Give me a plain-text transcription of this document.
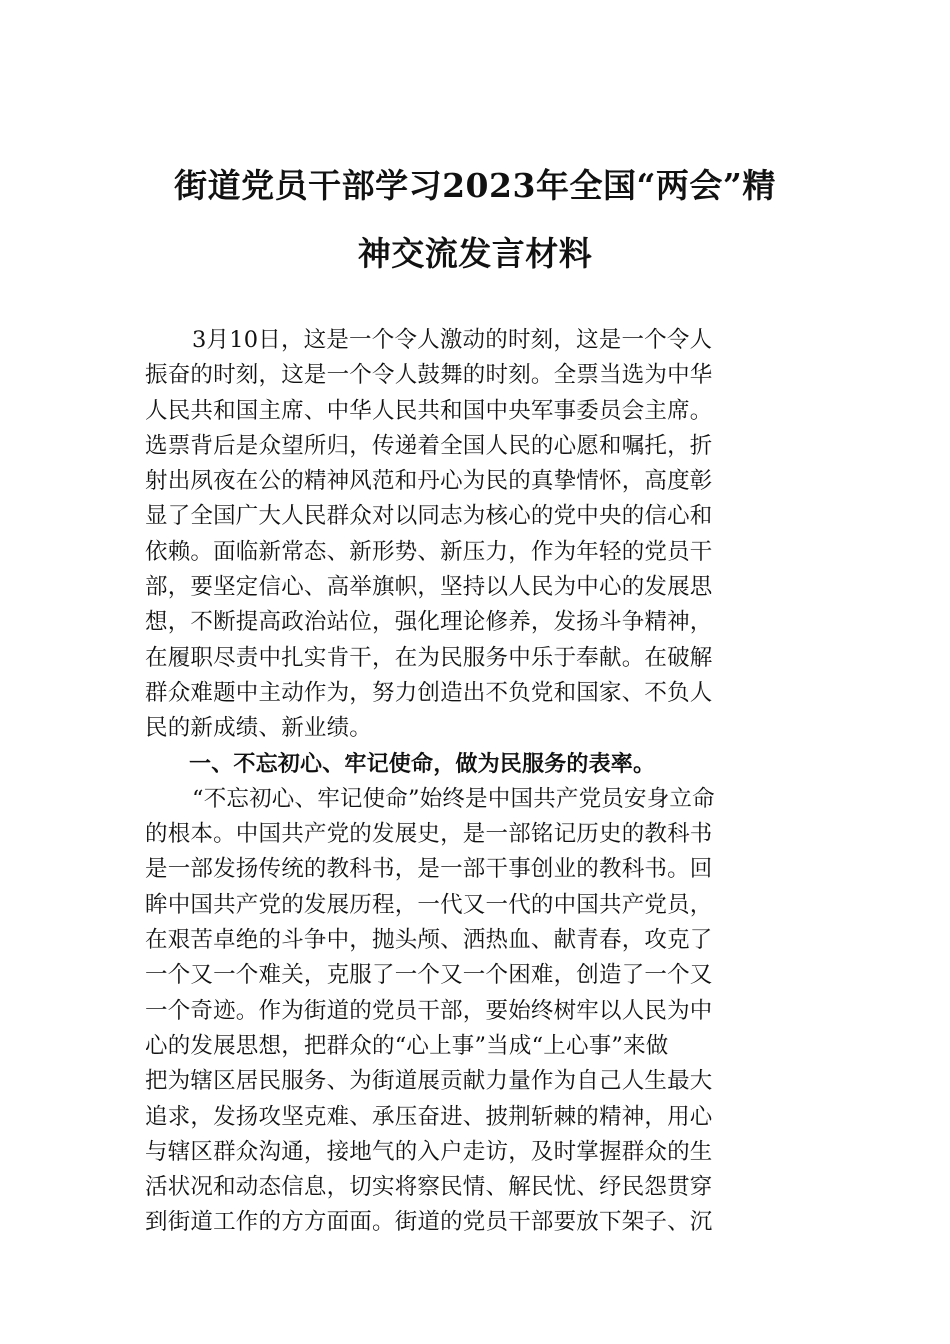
街道党员干部学习2023年全国“两会”精
神交流发言材料

3月10日，这是一个令人激动的时刻，这是一个令人
振奋的时刻，这是一个令人鼓舞的时刻。全票当选为中华
人民共和国主席、中华人民共和国中央军事委员会主席。
选票背后是众望所归，传递着全国人民的心愿和嘱托，折
射出夙夜在公的精神风范和丹心为民的真挚情怀，高度彰
显了全国广大人民群众对以同志为核心的党中央的信心和
依赖。面临新常态、新形势、新压力，作为年轻的党员干
部，要坚定信心、高举旗帜，坚持以人民为中心的发展思
想，不断提高政治站位，强化理论修养，发扬斗争精神，
在履职尽责中扎实肯干，在为民服务中乐于奉献。在破解
群众难题中主动作为，努力创造出不负党和国家、不负人
民的新成绩、新业绩。

一、不忘初心、牢记使命，做为民服务的表率。

“不忘初心、牢记使命”始终是中国共产党员安身立命
的根本。中国共产党的发展史，是一部铭记历史的教科书
是一部发扬传统的教科书，是一部干事创业的教科书。回
眸中国共产党的发展历程，一代又一代的中国共产党员，
在艰苦卓绝的斗争中，抛头颅、洒热血、献青春，攻克了
一个又一个难关，克服了一个又一个困难，创造了一个又
一个奇迹。作为街道的党员干部，要始终树牢以人民为中
心的发展思想，把群众的“心上事”当成“上心事”来做
把为辖区居民服务、为街道展贡献力量作为自己人生最大
追求，发扬攻坚克难、承压奋进、披荆斩棘的精神，用心
与辖区群众沟通，接地气的入户走访，及时掌握群众的生
活状况和动态信息，切实将察民情、解民忧、纾民怨贯穿
到街道工作的方方面面。街道的党员干部要放下架子、沉
